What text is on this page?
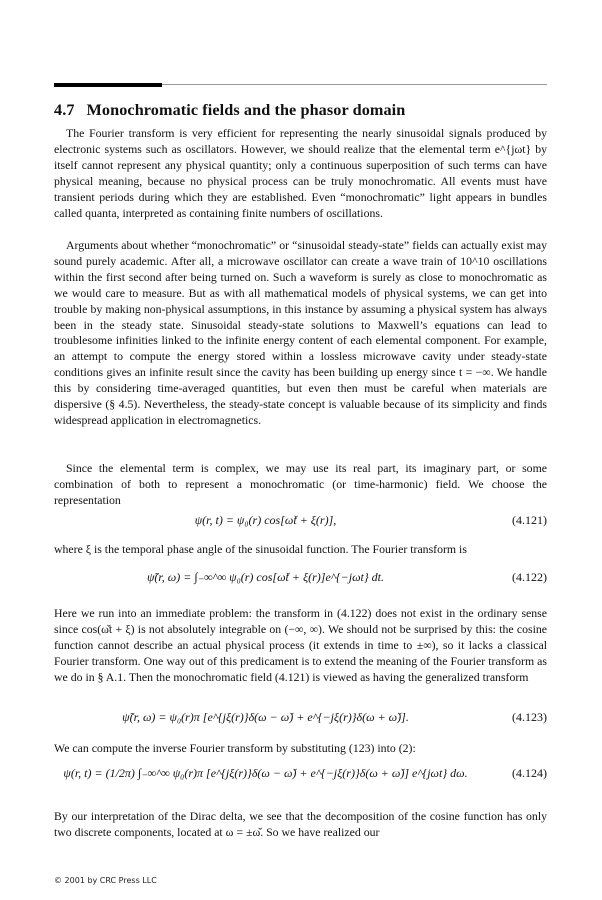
4.7 Monochromatic fields and the phasor domain

The Fourier transform is very efficient for representing the nearly sinusoidal signals produced by electronic systems such as oscillators. However, we should realize that the elemental term e^{jωt} by itself cannot represent any physical quantity; only a continuous superposition of such terms can have physical meaning, because no physical process can be truly monochromatic. All events must have transient periods during which they are established. Even “monochromatic” light appears in bundles called quanta, interpreted as containing finite numbers of oscillations.

Arguments about whether “monochromatic” or “sinusoidal steady-state” fields can actually exist may sound purely academic. After all, a microwave oscillator can create a wave train of 10^10 oscillations within the first second after being turned on. Such a waveform is surely as close to monochromatic as we would care to measure. But as with all mathematical models of physical systems, we can get into trouble by making non-physical assumptions, in this instance by assuming a physical system has always been in the steady state. Sinusoidal steady-state solutions to Maxwell’s equations can lead to troublesome infinities linked to the infinite energy content of each elemental component. For example, an attempt to compute the energy stored within a lossless microwave cavity under steady-state conditions gives an infinite result since the cavity has been building up energy since t = −∞. We handle this by considering time-averaged quantities, but even then must be careful when materials are dispersive (§ 4.5). Nevertheless, the steady-state concept is valuable because of its simplicity and finds widespread application in electromagnetics.

Since the elemental term is complex, we may use its real part, its imaginary part, or some combination of both to represent a monochromatic (or time-harmonic) field. We choose the representation

ψ(r, t) = ψ₀(r) cos[ω̌t + ξ(r)],	(4.121)

where ξ is the temporal phase angle of the sinusoidal function. The Fourier transform is

ψ̃(r, ω) = ∫₋∞^∞ ψ₀(r) cos[ω̌t + ξ(r)]e^{−jωt} dt.	(4.122)

Here we run into an immediate problem: the transform in (4.122) does not exist in the ordinary sense since cos(ω̌t + ξ) is not absolutely integrable on (−∞, ∞). We should not be surprised by this: the cosine function cannot describe an actual physical process (it extends in time to ±∞), so it lacks a classical Fourier transform. One way out of this predicament is to extend the meaning of the Fourier transform as we do in § A.1. Then the monochromatic field (4.121) is viewed as having the generalized transform

ψ̃(r, ω) = ψ₀(r)π [e^{jξ(r)}δ(ω − ω̌) + e^{−jξ(r)}δ(ω + ω̌)].	(4.123)

We can compute the inverse Fourier transform by substituting (123) into (2):

ψ(r, t) = (1/2π) ∫₋∞^∞ ψ₀(r)π [e^{jξ(r)}δ(ω − ω̌) + e^{−jξ(r)}δ(ω + ω̌)] e^{jωt} dω.	(4.124)

By our interpretation of the Dirac delta, we see that the decomposition of the cosine function has only two discrete components, located at ω = ±ω̌. So we have realized our

© 2001 by CRC Press LLC
